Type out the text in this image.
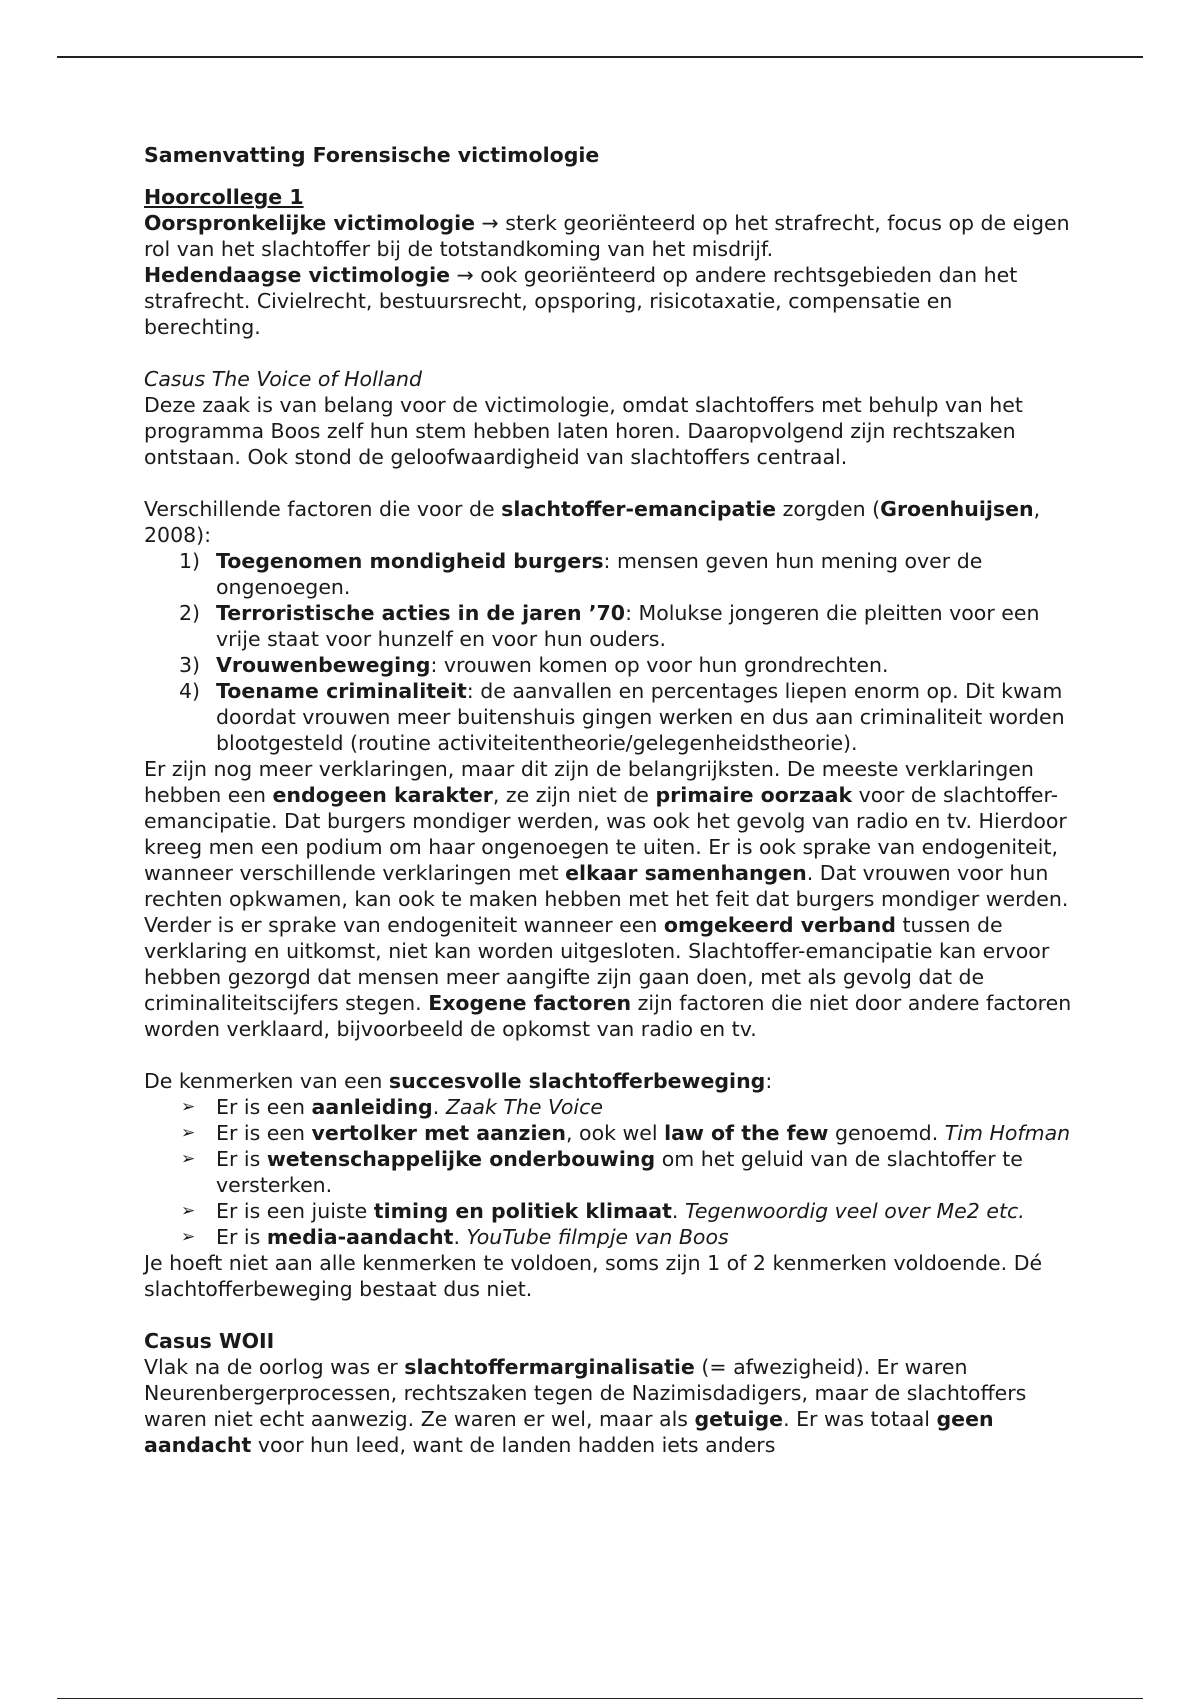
Samenvatting Forensische victimologie

Hoorcollege 1

Oorspronkelijke victimologie → sterk georiënteerd op het strafrecht, focus op de eigen rol van het slachtoffer bij de totstandkoming van het misdrijf.

Hedendaagse victimologie → ook georiënteerd op andere rechtsgebieden dan het strafrecht. Civielrecht, bestuursrecht, opsporing, risicotaxatie, compensatie en berechting.

Casus The Voice of Holland

Deze zaak is van belang voor de victimologie, omdat slachtoffers met behulp van het programma Boos zelf hun stem hebben laten horen. Daaropvolgend zijn rechtszaken ontstaan. Ook stond de geloofwaardigheid van slachtoffers centraal.

Verschillende factoren die voor de slachtoffer-emancipatie zorgden (Groenhuijsen, 2008):

1) Toegenomen mondigheid burgers: mensen geven hun mening over de ongenoegen.
2) Terroristische acties in de jaren ’70: Molukse jongeren die pleitten voor een vrije staat voor hunzelf en voor hun ouders.
3) Vrouwenbeweging: vrouwen komen op voor hun grondrechten.
4) Toename criminaliteit: de aanvallen en percentages liepen enorm op. Dit kwam doordat vrouwen meer buitenshuis gingen werken en dus aan criminaliteit worden blootgesteld (routine activiteitentheorie/gelegenheidstheorie).

Er zijn nog meer verklaringen, maar dit zijn de belangrijksten. De meeste verklaringen hebben een endogeen karakter, ze zijn niet de primaire oorzaak voor de slachtoffer-emancipatie. Dat burgers mondiger werden, was ook het gevolg van radio en tv. Hierdoor kreeg men een podium om haar ongenoegen te uiten. Er is ook sprake van endogeniteit, wanneer verschillende verklaringen met elkaar samenhangen. Dat vrouwen voor hun rechten opkwamen, kan ook te maken hebben met het feit dat burgers mondiger werden. Verder is er sprake van endogeniteit wanneer een omgekeerd verband tussen de verklaring en uitkomst, niet kan worden uitgesloten. Slachtoffer-emancipatie kan ervoor hebben gezorgd dat mensen meer aangifte zijn gaan doen, met als gevolg dat de criminaliteitscijfers stegen. Exogene factoren zijn factoren die niet door andere factoren worden verklaard, bijvoorbeeld de opkomst van radio en tv.

De kenmerken van een succesvolle slachtofferbeweging:

➢ Er is een aanleiding. Zaak The Voice
➢ Er is een vertolker met aanzien, ook wel law of the few genoemd. Tim Hofman
➢ Er is wetenschappelijke onderbouwing om het geluid van de slachtoffer te versterken.
➢ Er is een juiste timing en politiek klimaat. Tegenwoordig veel over Me2 etc.
➢ Er is media-aandacht. YouTube filmpje van Boos

Je hoeft niet aan alle kenmerken te voldoen, soms zijn 1 of 2 kenmerken voldoende. Dé slachtofferbeweging bestaat dus niet.

Casus WOII

Vlak na de oorlog was er slachtoffermarginalisatie (= afwezigheid). Er waren Neurenbergerprocessen, rechtszaken tegen de Nazimisdadigers, maar de slachtoffers waren niet echt aanwezig. Ze waren er wel, maar als getuige. Er was totaal geen aandacht voor hun leed, want de landen hadden iets anders
